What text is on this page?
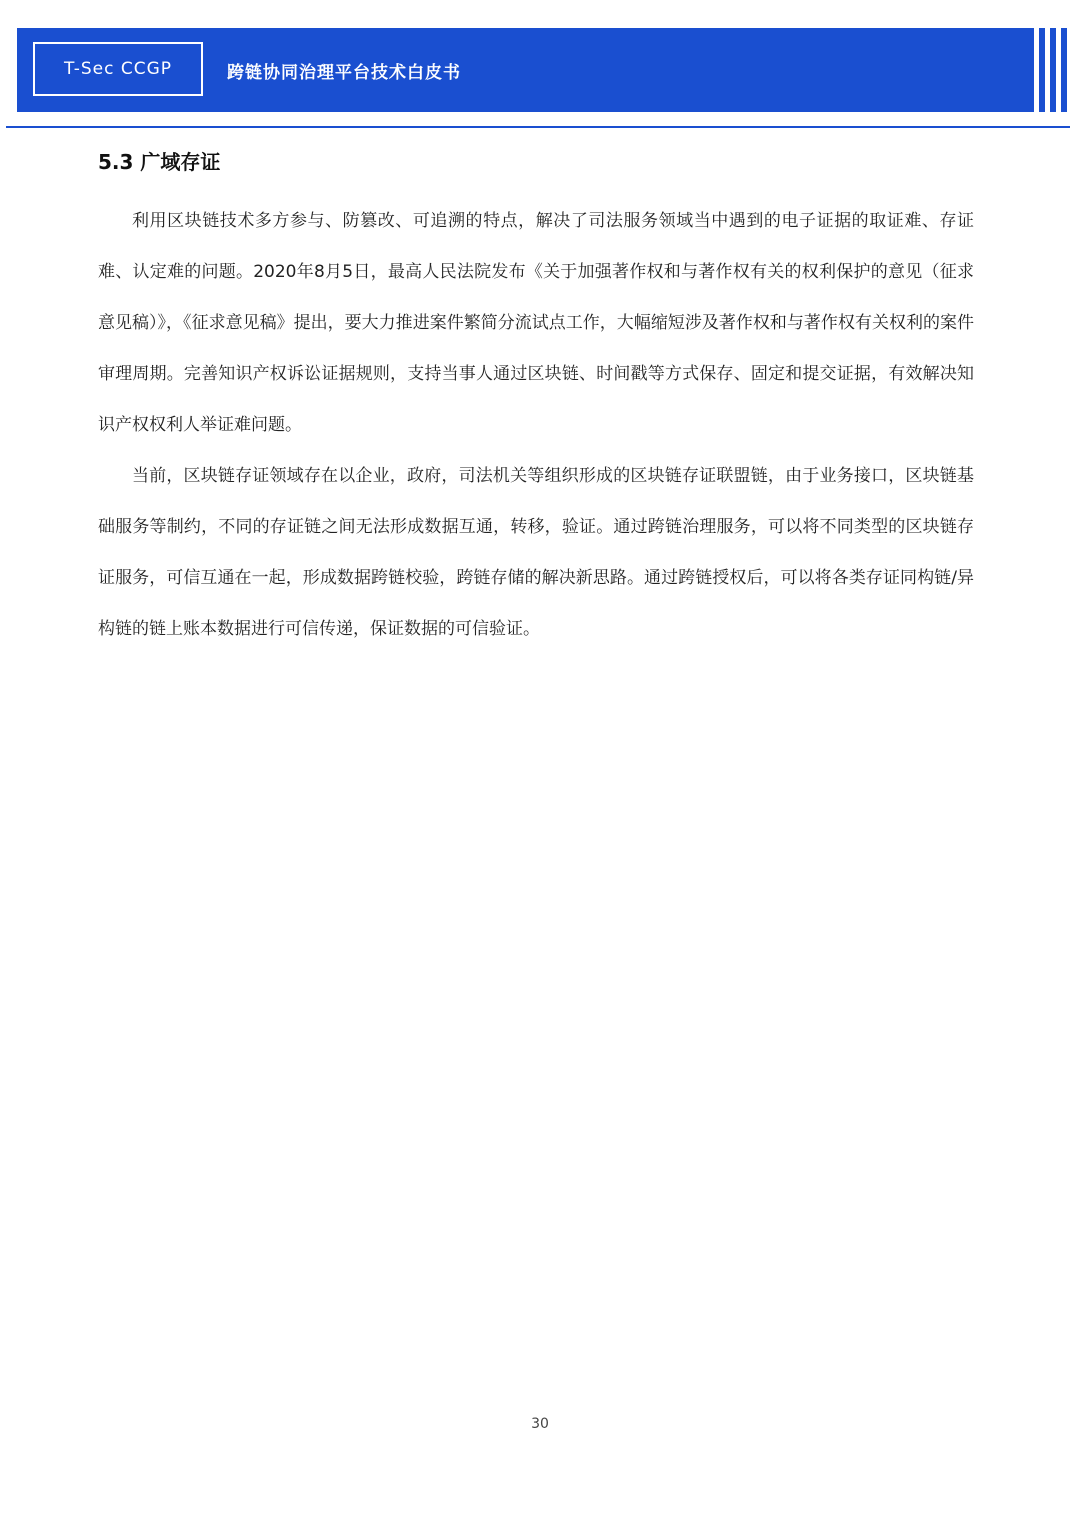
T-Sec CCGP	跨链协同治理平台技术白皮书
5.3 广域存证

利用区块链技术多方参与、防篡改、可追溯的特点，解决了司法服务领域当中遇到的电子证据的取证难、存证难、认定难的问题。2020年8月5日，最高人民法院发布《关于加强著作权和与著作权有关的权利保护的意见（征求意见稿）》，《征求意见稿》提出，要大力推进案件繁简分流试点工作，大幅缩短涉及著作权和与著作权有关权利的案件审理周期。完善知识产权诉讼证据规则，支持当事人通过区块链、时间戳等方式保存、固定和提交证据，有效解决知识产权权利人举证难问题。

当前，区块链存证领域存在以企业，政府，司法机关等组织形成的区块链存证联盟链，由于业务接口，区块链基础服务等制约，不同的存证链之间无法形成数据互通，转移，验证。通过跨链治理服务，可以将不同类型的区块链存证服务，可信互通在一起，形成数据跨链校验，跨链存储的解决新思路。通过跨链授权后，可以将各类存证同构链/异构链的链上账本数据进行可信传递，保证数据的可信验证。

30
